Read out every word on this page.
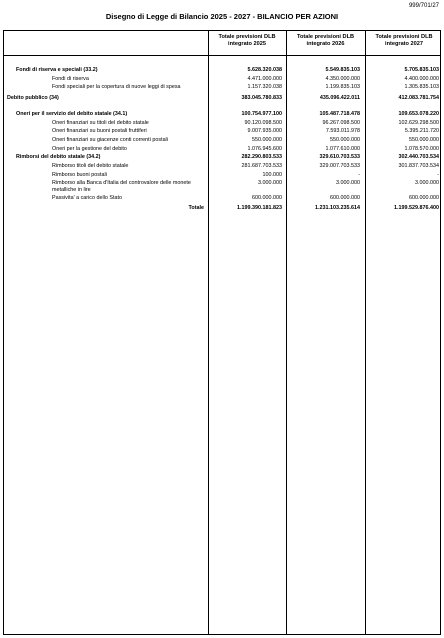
999/701/27
Disegno di Legge di Bilancio 2025 - 2027 - BILANCIO PER AZIONI
Totale previsioni DLB integrato 2025
Totale previsioni DLB integrato 2026
Totale previsioni DLB integrato 2027
Fondi di riserva e speciali (33.2)	5.628.320.038	5.549.835.103	5.705.835.103
Fondi di riserva	4.471.000.000	4.350.000.000	4.400.000.000
Fondi speciali per la copertura di nuove leggi di spesa	1.157.320.038	1.199.835.103	1.305.835.103
Debito pubblico (34)	383.045.780.833	435.096.422.011	412.083.781.754
Oneri per il servizio del debito statale (34.1)	100.754.977.100	105.487.718.478	109.653.078.220
Oneri finanziari su titoli del debito statale	90.120.098.500	96.267.098.500	102.629.298.500
Oneri finanziari su buoni postali fruttiferi	9.007.935.000	7.593.011.978	5.395.211.720
Oneri finanziari su giacenze conti correnti postali	550.000.000	550.000.000	550.000.000
Oneri per la gestione del debito	1.076.945.600	1.077.610.000	1.078.570.000
Rimborsi del debito statale (34.2)	282.290.803.533	329.610.703.533	302.440.703.534
Rimborso titoli del debito statale	281.687.703.533	329.007.703.533	301.837.703.534
Rimborso buoni postali	100.000	-	-
Rimborso alla Banca d'Italia del controvalore delle monete metalliche in lire
3.000.000	3.000.000	3.000.000
Passivita' a carico dello Stato	600.000.000	600.000.000	600.000.000
Totale	1.199.390.181.823	1.231.103.235.614	1.199.529.876.400
